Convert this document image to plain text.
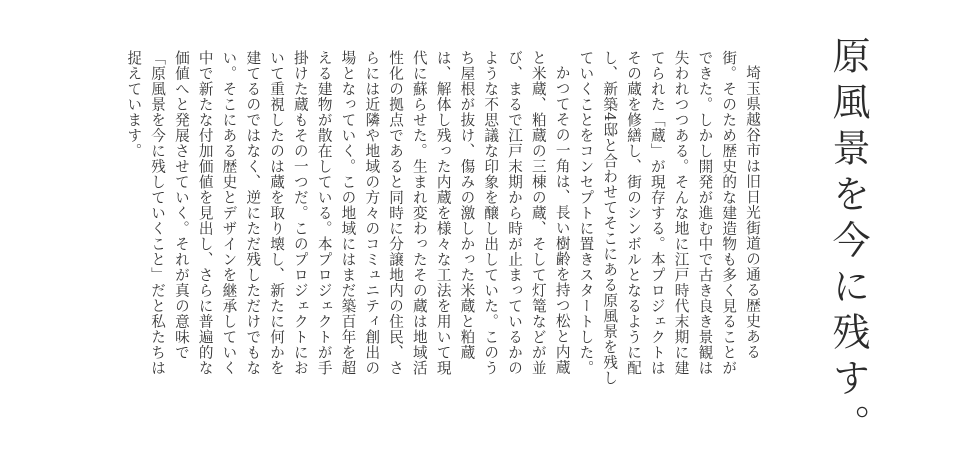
原風景を今に残す。

埼玉県越谷市は旧日光街道の通る歴史ある街。そのため歴史的な建造物も多く見ることができた。しかし開発が進む中で古き良き景観は失われつつある。そんな地に江戸時代末期に建てられた「蔵」が現存する。本プロジェクトはその蔵を修繕し、街のシンボルとなるように配し、新築4邸と合わせてそこにある原風景を残していくことをコンセプトに置きスタートした。

かつてその一角は、長い樹齢を持つ松と内蔵と米蔵、粕蔵の三棟の蔵、そして灯篭などが並び、まるで江戸末期から時が止まっているかのような不思議な印象を醸し出していた。このうち屋根が抜け、傷みの激しかった米蔵と粕蔵は、解体し残った内蔵を様々な工法を用いて現代に蘇らせた。生まれ変わったその蔵は地域活性化の拠点であると同時に分譲地内の住民、さらには近隣や地域の方々のコミュニティ創出の場となっていく。この地域にはまだ築百年を超える建物が散在している。本プロジェクトが手掛けた蔵もその一つだ。このプロジェクトにおいて重視したのは蔵を取り壊し、新たに何かを建てるのではなく、逆にただ残しただけでもない。そこにある歴史とデザインを継承していく中で新たな付加価値を見出し、さらに普遍的な価値へと発展させていく。それが真の意味で「原風景を今に残していくこと」だと私たちは捉えています。
